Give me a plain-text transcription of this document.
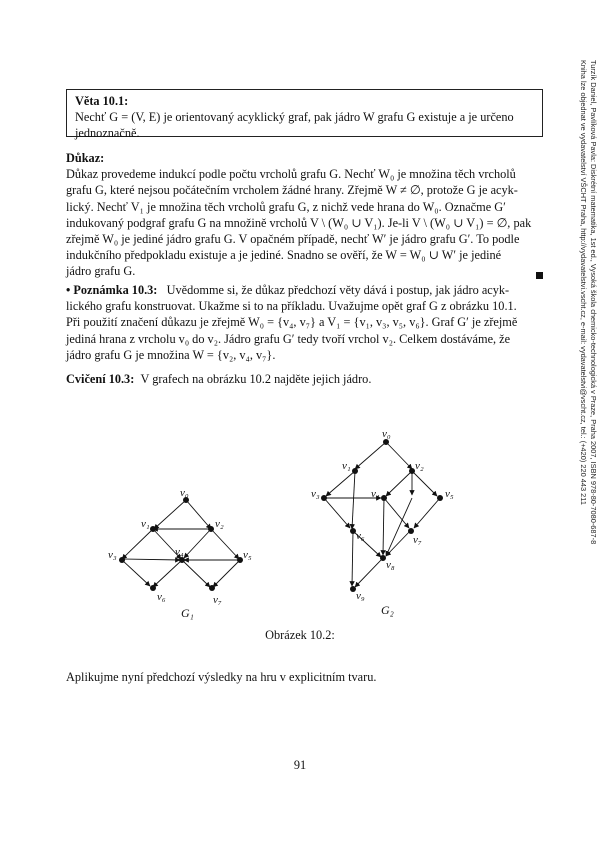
Turzík Daniel, Pavlíková Pavla: Diskrétní matematika, 1st ed., Vysoká škola chemicko-technologická v Praze, Praha 2007, ISBN 978-80-7080-687-8
Kniha lze objednat ve vydavatelství VŠCHT Praha, http://vydavatelstvi.vscht.cz, e-mail: vydavatelstvi@vscht.cz, tel.: (+420) 220 443 211
Věta 10.1:
Nechť G = (V, E) je orientovaný acyklický graf, pak jádro W grafu G existuje a je určeno
jednoznačně.
Důkaz:
Důkaz provedeme indukcí podle počtu vrcholů grafu G. Nechť W₀ je množina těch vrcholů
grafu G, které nejsou počátečním vrcholem žádné hrany. Zřejmě W ≠ ∅, protože G je acyk-
lický. Nechť V₁ je množina těch vrcholů grafu G, z nichž vede hrana do W₀. Označme G′
indukovaný podgraf grafu G na množině vrcholů V \ (W₀ ∪ V₁). Je-li V \ (W₀ ∪ V₁) = ∅, pak
zřejmě W₀ je jediné jádro grafu G. V opačném případě, nechť W′ je jádro grafu G′. To podle
indukčního předpokladu existuje a je jediné. Snadno se ověří, že W = W₀ ∪ W′ je jediné
jádro grafu G.
• Poznámka 10.3: Uvědomme si, že důkaz předchozí věty dává i postup, jak jádro acyk-
lického grafu konstruovat. Ukažme si to na příkladu. Uvažujme opět graf G z obrázku 10.1.
Při použití značení důkazu je zřejmě W₀ = {v₄, v₇} a V₁ = {v₁, v₃, v₅, v₆}. Graf G′ je zřejmě
jediná hrana z vrcholu v₀ do v₂. Jádro grafu G′ tedy tvoří vrchol v₂. Celkem dostáváme, že
jádro grafu G je množina W = {v₂, v₄, v₇}.
Cvičení 10.3: V grafech na obrázku 10.2 najděte jejich jádro.
v₀
v₁	v₂
v₃	v₄	v₅
v₆	v₇
G₁
v₀
v₁	v₂
v₃	v₄	v₅
v₆	v₇
v₈
v₉
G₂
Obrázek 10.2:
Aplikujme nyní předchozí výsledky na hru v explicitním tvaru.
91
